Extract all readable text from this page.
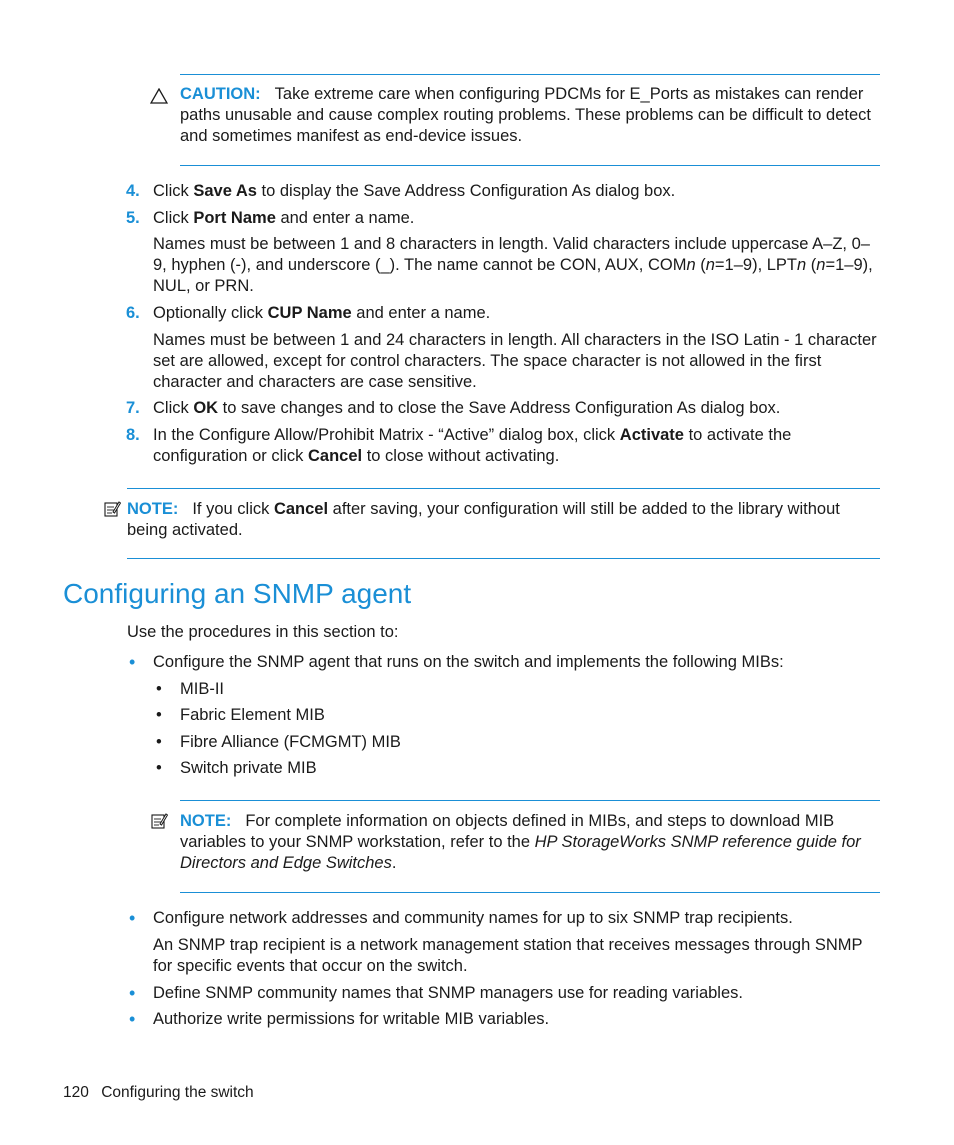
CAUTION: Take extreme care when configuring PDCMs for E_Ports as mistakes can render paths unusable and cause complex routing problems. These problems can be difficult to detect and sometimes manifest as end-device issues.
4. Click Save As to display the Save Address Configuration As dialog box.
5. Click Port Name and enter a name.
Names must be between 1 and 8 characters in length. Valid characters include uppercase A–Z, 0–9, hyphen (-), and underscore (_). The name cannot be CON, AUX, COMn (n=1–9), LPTn (n=1–9), NUL, or PRN.
6. Optionally click CUP Name and enter a name.
Names must be between 1 and 24 characters in length. All characters in the ISO Latin - 1 character set are allowed, except for control characters. The space character is not allowed in the first character and characters are case sensitive.
7. Click OK to save changes and to close the Save Address Configuration As dialog box.
8. In the Configure Allow/Prohibit Matrix - “Active” dialog box, click Activate to activate the configuration or click Cancel to close without activating.
NOTE: If you click Cancel after saving, your configuration will still be added to the library without being activated.
Configuring an SNMP agent
Use the procedures in this section to:
• Configure the SNMP agent that runs on the switch and implements the following MIBs:
• MIB-II
• Fabric Element MIB
• Fibre Alliance (FCMGMT) MIB
• Switch private MIB
NOTE: For complete information on objects defined in MIBs, and steps to download MIB variables to your SNMP workstation, refer to the HP StorageWorks SNMP reference guide for Directors and Edge Switches.
• Configure network addresses and community names for up to six SNMP trap recipients.
An SNMP trap recipient is a network management station that receives messages through SNMP for specific events that occur on the switch.
• Define SNMP community names that SNMP managers use for reading variables.
• Authorize write permissions for writable MIB variables.
120 Configuring the switch
